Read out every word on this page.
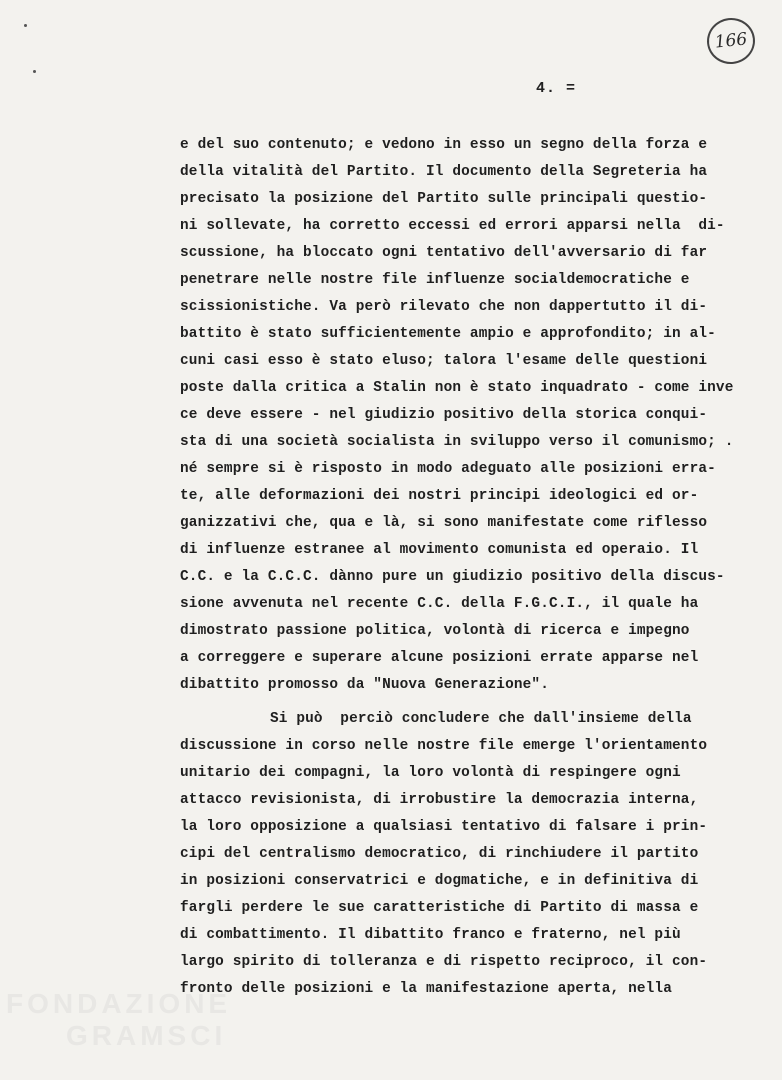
166
4. =
e del suo contenuto; e vedono in esso un segno della forza e
della vitalità del Partito. Il documento della Segreteria ha
precisato la posizione del Partito sulle principali questio-
ni sollevate, ha corretto eccessi ed errori apparsi nella  di-
scussione, ha bloccato ogni tentativo dell'avversario di far
penetrare nelle nostre file influenze socialdemocratiche e
scissionistiche. Va però rilevato che non dappertutto il di-
battito è stato sufficientemente ampio e approfondito; in al-
cuni casi esso è stato eluso; talora l'esame delle questioni
poste dalla critica a Stalin non è stato inquadrato - come inve
ce deve essere - nel giudizio positivo della storica conqui-
sta di una società socialista in sviluppo verso il comunismo; .
né sempre si è risposto in modo adeguato alle posizioni erra-
te, alle deformazioni dei nostri principi ideologici ed or-
ganizzativi che, qua e là, si sono manifestate come riflesso
di influenze estranee al movimento comunista ed operaio. Il
C.C. e la C.C.C. dànno pure un giudizio positivo della discus-
sione avvenuta nel recente C.C. della F.G.C.I., il quale ha
dimostrato passione politica, volontà di ricerca e impegno
a correggere e superare alcune posizioni errate apparse nel
dibattito promosso da "Nuova Generazione".
Si può  perciò concludere che dall'insieme della
discussione in corso nelle nostre file emerge l'orientamento
unitario dei compagni, la loro volontà di respingere ogni
attacco revisionista, di irrobustire la democrazia interna,
la loro opposizione a qualsiasi tentativo di falsare i prin-
cipi del centralismo democratico, di rinchiudere il partito
in posizioni conservatrici e dogmatiche, e in definitiva di
fargli perdere le sue caratteristiche di Partito di massa e
di combattimento. Il dibattito franco e fraterno, nel più
largo spirito di tolleranza e di rispetto reciproco, il con-
fronto delle posizioni e la manifestazione aperta, nella
FONDAZIONE
GRAMSCI
